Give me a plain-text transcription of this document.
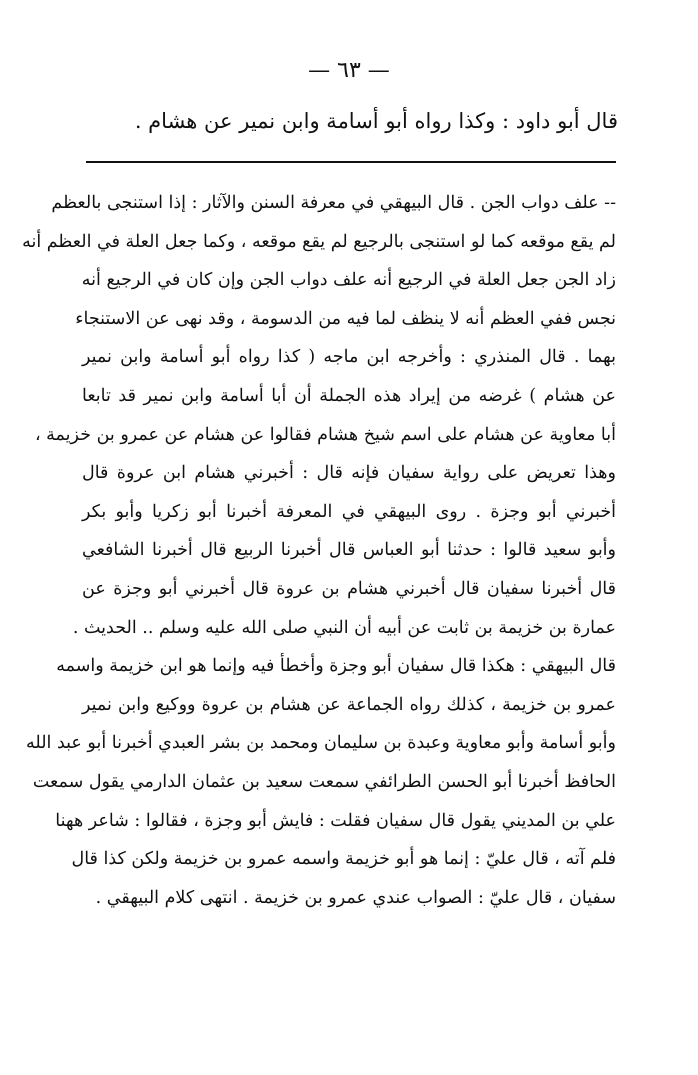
— ٦٣ —
قال أبو داود : وكذا رواه أبو أسامة وابن نمير عن هشام .
-- علف دواب الجن . قال البيهقي في معرفة السنن والآثار : إذا استنجى بالعظم
لم يقع موقعه كما لو استنجى بالرجيع لم يقع موقعه ، وكما جعل العلة في العظم أنه
زاد الجن جعل العلة في الرجيع أنه علف دواب الجن وإن كان في الرجيع أنه
نجس ففي العظم أنه لا ينظف لما فيه من الدسومة ، وقد نهى عن الاستنجاء
بهما . قال المنذري : وأخرجه ابن ماجه ( كذا رواه أبو أسامة وابن نمير
عن هشام ) غرضه من إيراد هذه الجملة أن أبا أسامة وابن نمير قد تابعا
أبا معاوية عن هشام على اسم شيخ هشام فقالوا عن هشام عن عمرو بن خزيمة ،
وهذا تعريض على رواية سفيان فإنه قال : أخبرني هشام ابن عروة قال
أخبرني أبو وجزة . روى البيهقي في المعرفة أخبرنا أبو زكريا وأبو بكر
وأبو سعيد قالوا : حدثنا أبو العباس قال أخبرنا الربيع قال أخبرنا الشافعي
قال أخبرنا سفيان قال أخبرني هشام بن عروة قال أخبرني أبو وجزة عن
عمارة بن خزيمة بن ثابت عن أبيه أن النبي صلى الله عليه وسلم .. الحديث .
قال البيهقي : هكذا قال سفيان أبو وجزة وأخطأ فيه وإنما هو ابن خزيمة واسمه
عمرو بن خزيمة ، كذلك رواه الجماعة عن هشام بن عروة ووكيع وابن نمير
وأبو أسامة وأبو معاوية وعبدة بن سليمان ومحمد بن بشر العبدي أخبرنا أبو عبد الله
الحافظ أخبرنا أبو الحسن الطرائفي سمعت سعيد بن عثمان الدارمي يقول سمعت
علي بن المديني يقول قال سفيان فقلت : فايش أبو وجزة ، فقالوا : شاعر ههنا
فلم آته ، قال عليّ : إنما هو أبو خزيمة واسمه عمرو بن خزيمة ولكن كذا قال
سفيان ، قال عليّ : الصواب عندي عمرو بن خزيمة . انتهى كلام البيهقي .
